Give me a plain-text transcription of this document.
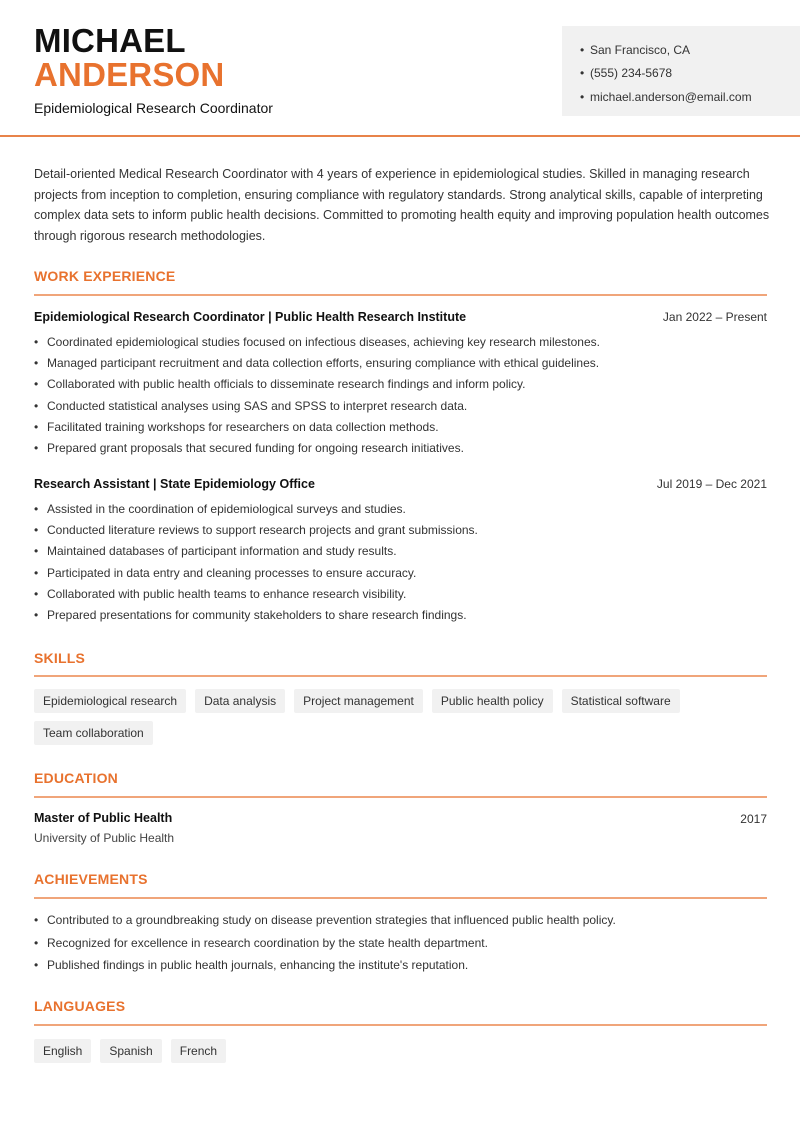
MICHAEL
ANDERSON
Epidemiological Research Coordinator
• San Francisco, CA
• (555) 234-5678
• michael.anderson@email.com
Detail-oriented Medical Research Coordinator with 4 years of experience in epidemiological studies. Skilled in managing research projects from inception to completion, ensuring compliance with regulatory standards. Strong analytical skills, capable of interpreting complex data sets to inform public health decisions. Committed to promoting health equity and improving population health outcomes through rigorous research methodologies.
WORK EXPERIENCE
Epidemiological Research Coordinator | Public Health Research Institute	Jan 2022 – Present
• Coordinated epidemiological studies focused on infectious diseases, achieving key research milestones.
• Managed participant recruitment and data collection efforts, ensuring compliance with ethical guidelines.
• Collaborated with public health officials to disseminate research findings and inform policy.
• Conducted statistical analyses using SAS and SPSS to interpret research data.
• Facilitated training workshops for researchers on data collection methods.
• Prepared grant proposals that secured funding for ongoing research initiatives.
Research Assistant | State Epidemiology Office	Jul 2019 – Dec 2021
• Assisted in the coordination of epidemiological surveys and studies.
• Conducted literature reviews to support research projects and grant submissions.
• Maintained databases of participant information and study results.
• Participated in data entry and cleaning processes to ensure accuracy.
• Collaborated with public health teams to enhance research visibility.
• Prepared presentations for community stakeholders to share research findings.
SKILLS
Epidemiological research	Data analysis	Project management	Public health policy	Statistical software
Team collaboration
EDUCATION
Master of Public Health	2017
University of Public Health
ACHIEVEMENTS
• Contributed to a groundbreaking study on disease prevention strategies that influenced public health policy.
• Recognized for excellence in research coordination by the state health department.
• Published findings in public health journals, enhancing the institute's reputation.
LANGUAGES
English	Spanish	French
